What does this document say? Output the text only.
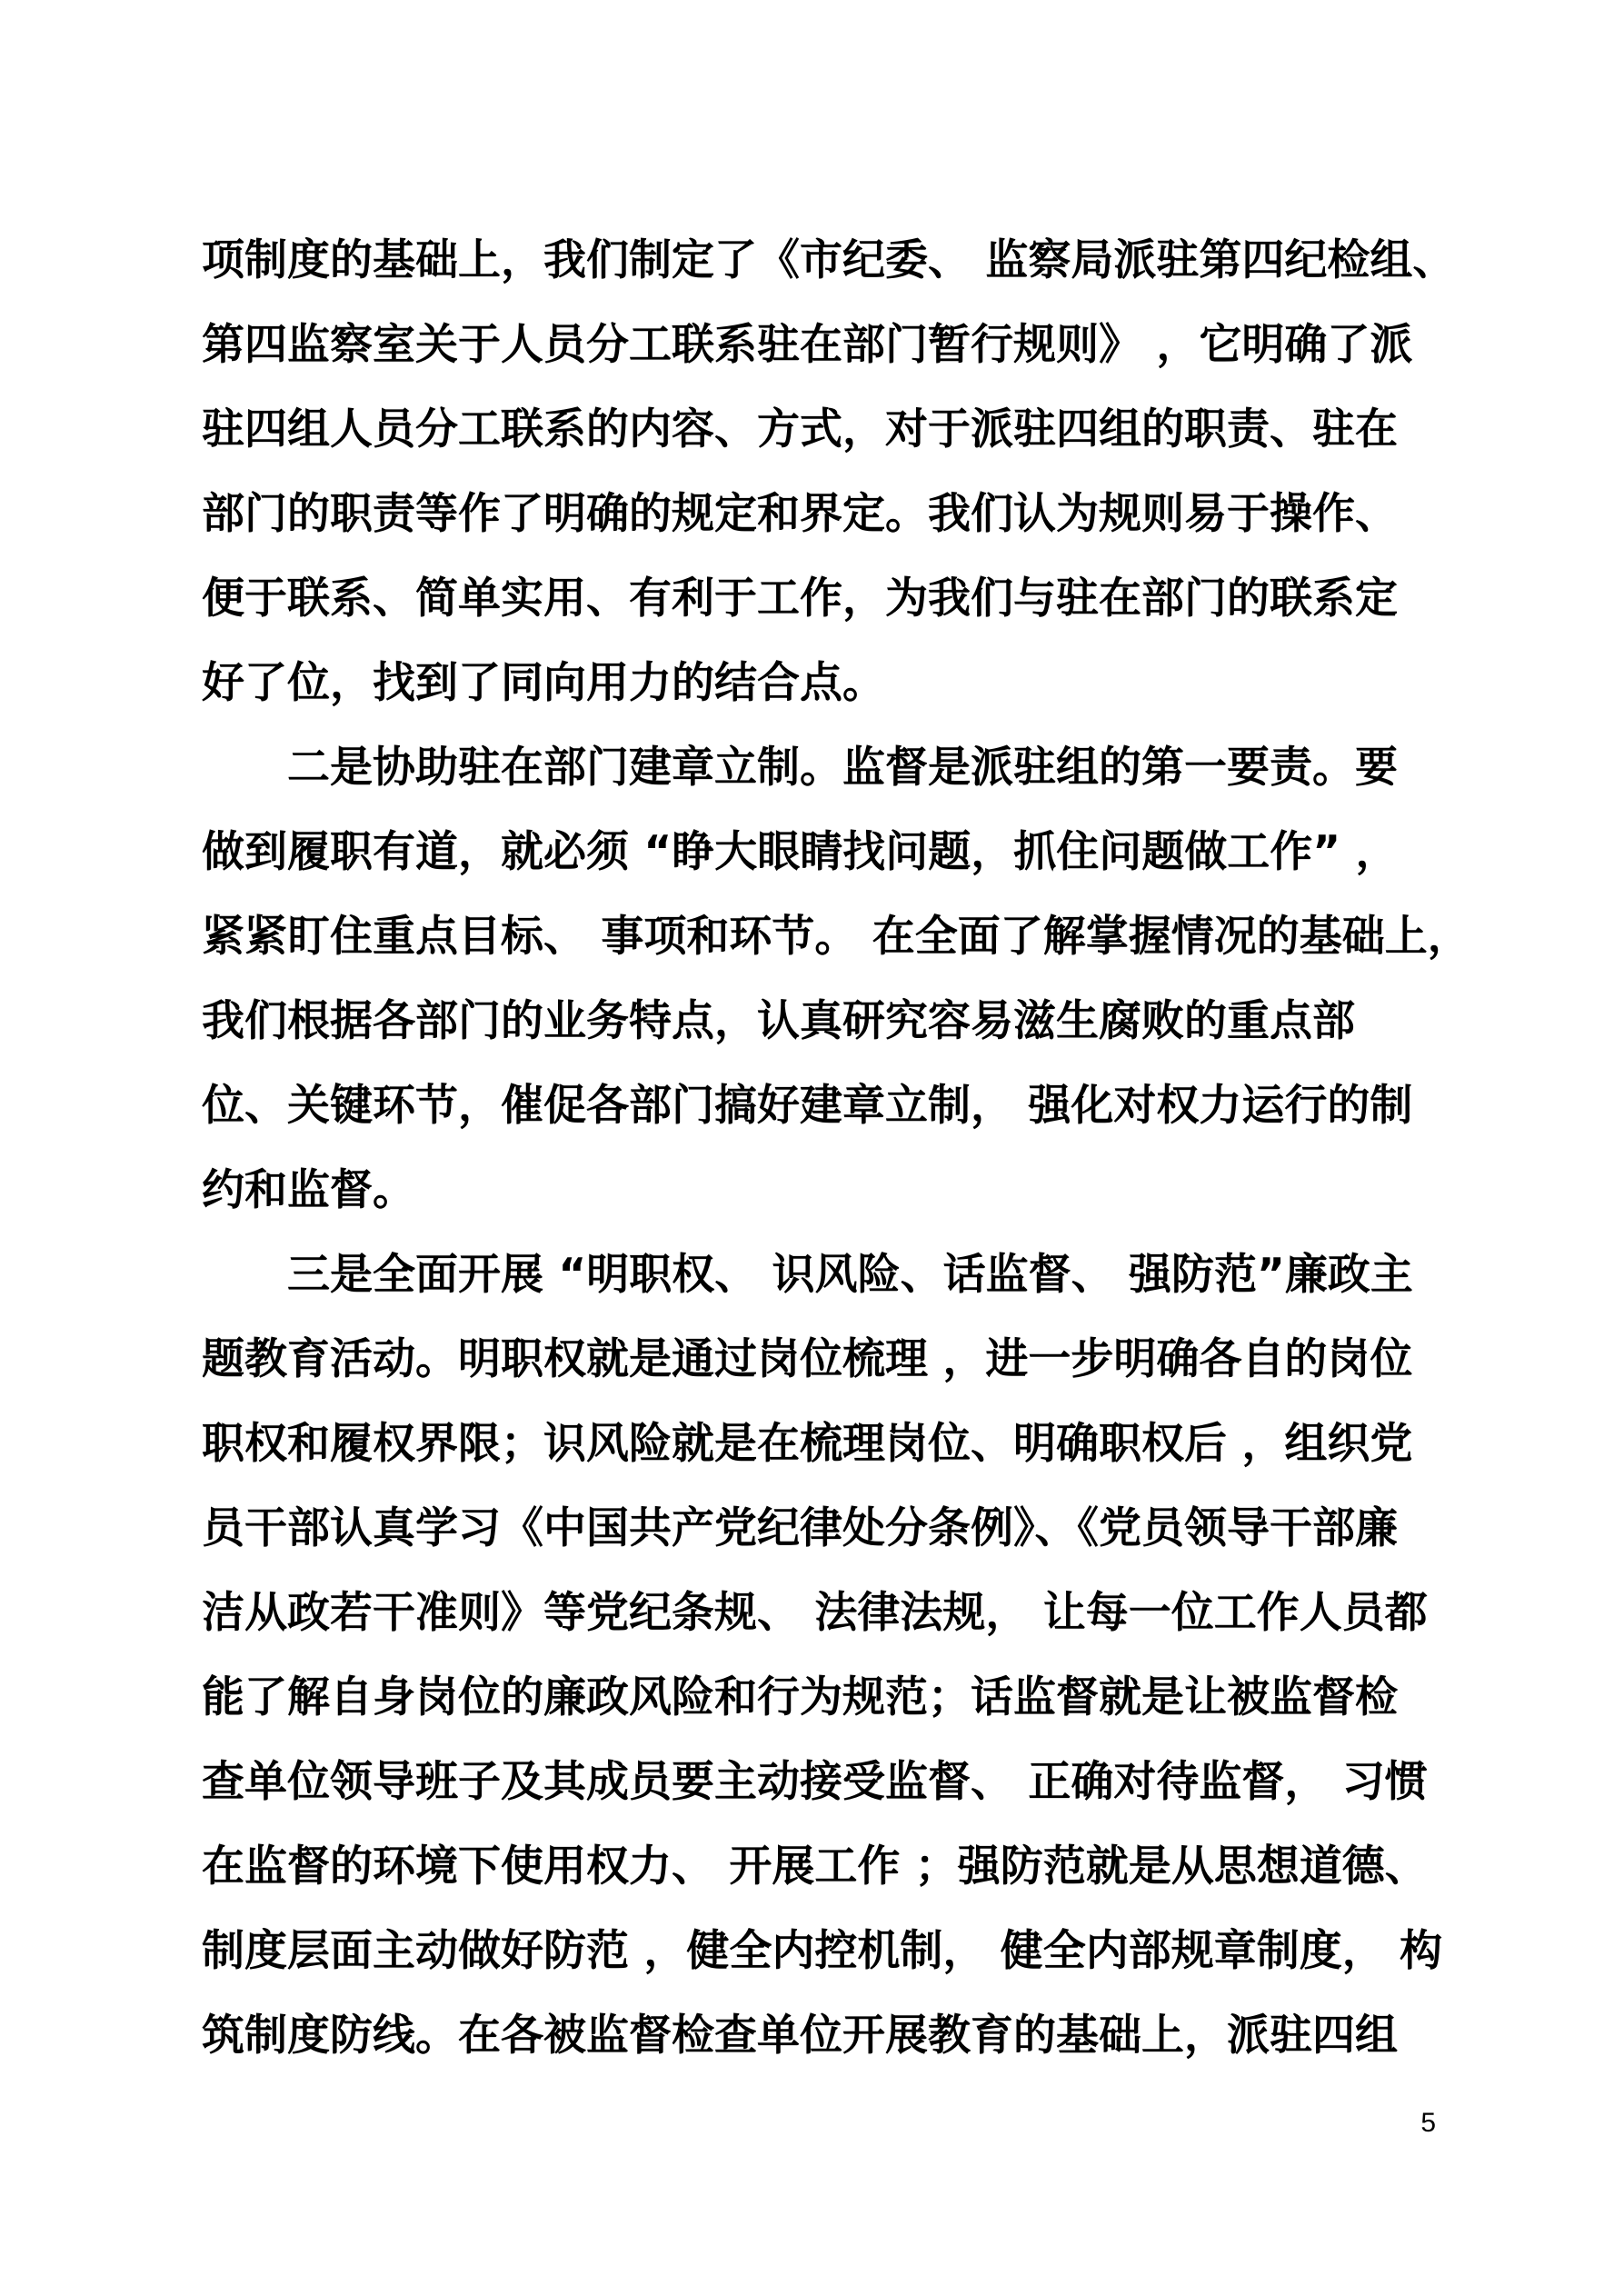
项制度的基础上，我们制定了《市纪委、 监察局派驻第四纪检组、
第四监察室关于人员分工联系驻在部门暂行规则》 ，它明确了派
驻四组人员分工联系的内容、方式，对于派驻四组的职责、驻在
部门的职责等作了明确的规定和界定。我们认为规则易于操作、
便于联系、简单实用、有利于工作，为我们与驻在部门的联系定
好了位，找到了同向用力的结合点。
　　二是协助驻在部门建章立制。监督是派驻组的第一要责。要
做到履职有道，就必须 “睁大眼睛找问题，抓住问题做工作” ，
紧紧盯住重点目标、 事项和环节。 在全面了解掌握情况的基础上，
我们根据各部门的业务特点，认真研究容易滋生腐败的重点部
位、关键环节，催促各部门搞好建章立制， 强化对权力运行的制
约和监督。
　　三是全面开展 “明职权、 识风险、话监督、 强防范”廉政主
题教育活动。明职权就是通过岗位梳理 ，进一步明确各自的岗位
职权和履权界限；识风险就是在梳理岗位、明确职权后 ，组织党
员干部认真学习《中国共产党纪律处分条例》、《党员领导干部廉
洁从政若干准则》等党纪条规、 法律法规， 让每一位工作人员都
能了解自身岗位的廉政风险和行为规范；话监督就是让被监督检
查单位领导班子及其成员要主动接受监督、 正确对待监督， 习惯
在监督的环境下使用权力、 开展工作 ；强防范就是从思想道德、
制度层面主动做好防范 ，健全内控机制， 健全内部规章制度， 构
筑制度防线。在各被监督检查单位开展教育的基础上，派驻四组
5
